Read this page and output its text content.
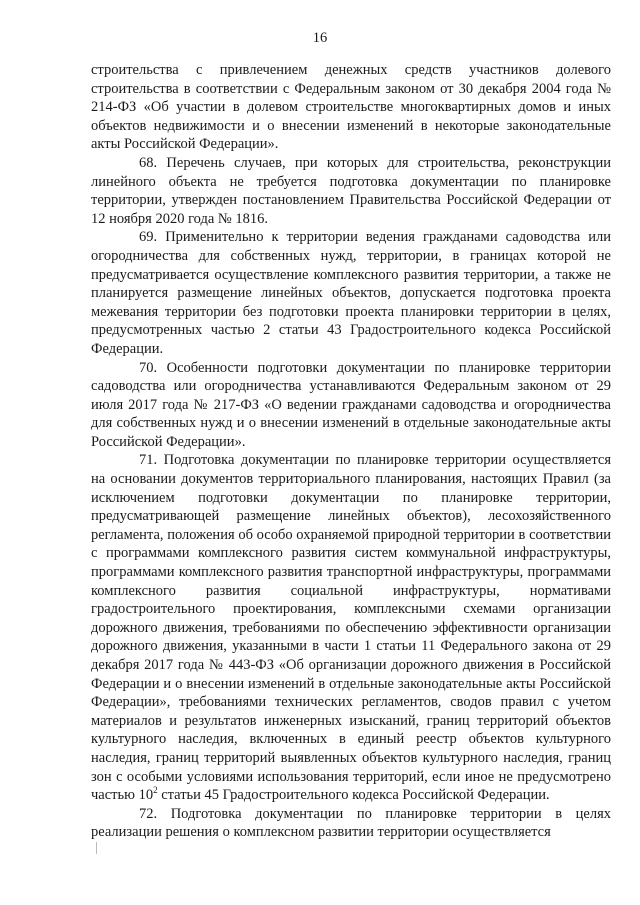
16

строительства с привлечением денежных средств участников долевого строительства в соответствии с Федеральным законом от 30 декабря 2004 года № 214-ФЗ «Об участии в долевом строительстве многоквартирных домов и иных объектов недвижимости и о внесении изменений в некоторые законодательные акты Российской Федерации».

68. Перечень случаев, при которых для строительства, реконструкции линейного объекта не требуется подготовка документации по планировке территории, утвержден постановлением Правительства Российской Федерации от 12 ноября 2020 года № 1816.

69. Применительно к территории ведения гражданами садоводства или огородничества для собственных нужд, территории, в границах которой не предусматривается осуществление комплексного развития территории, а также не планируется размещение линейных объектов, допускается подготовка проекта межевания территории без подготовки проекта планировки территории в целях, предусмотренных частью 2 статьи 43 Градостроительного кодекса Российской Федерации.

70. Особенности подготовки документации по планировке территории садоводства или огородничества устанавливаются Федеральным законом от 29 июля 2017 года № 217-ФЗ «О ведении гражданами садоводства и огородничества для собственных нужд и о внесении изменений в отдельные законодательные акты Российской Федерации».

71. Подготовка документации по планировке территории осуществляется на основании документов территориального планирования, настоящих Правил (за исключением подготовки документации по планировке территории, предусматривающей размещение линейных объектов), лесохозяйственного регламента, положения об особо охраняемой природной территории в соответствии с программами комплексного развития систем коммунальной инфраструктуры, программами комплексного развития транспортной инфраструктуры, программами комплексного развития социальной инфраструктуры, нормативами градостроительного проектирования, комплексными схемами организации дорожного движения, требованиями по обеспечению эффективности организации дорожного движения, указанными в части 1 статьи 11 Федерального закона от 29 декабря 2017 года № 443-ФЗ «Об организации дорожного движения в Российской Федерации и о внесении изменений в отдельные законодательные акты Российской Федерации», требованиями технических регламентов, сводов правил с учетом материалов и результатов инженерных изысканий, границ территорий объектов культурного наследия, включенных в единый реестр объектов культурного наследия, границ территорий выявленных объектов культурного наследия, границ зон с особыми условиями использования территорий, если иное не предусмотрено частью $10^2$ статьи 45 Градостроительного кодекса Российской Федерации.

72. Подготовка документации по планировке территории в целях реализации решения о комплексном развитии территории осуществляется
